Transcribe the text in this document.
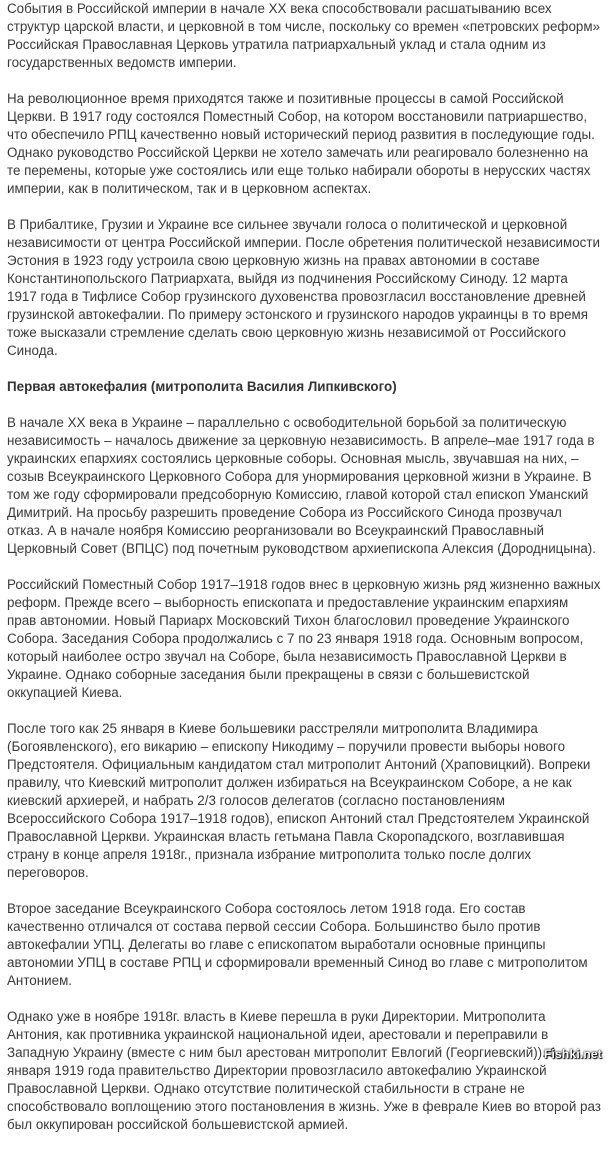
События в Российской империи в начале XX века способствовали расшатыванию всех структур царской власти, и церковной в том числе, поскольку со времен «петровских реформ» Российская Православная Церковь утратила патриархальный уклад и стала одним из государственных ведомств империи.

На революционное время приходятся также и позитивные процессы в самой Российской Церкви. В 1917 году состоялся Поместный Собор, на котором восстановили патриаршество, что обеспечило РПЦ качественно новый исторический период развития в последующие годы. Однако руководство Российской Церкви не хотело замечать или реагировало болезненно на те перемены, которые уже состоялись или еще только набирали обороты в нерусских частях империи, как в политическом, так и в церковном аспектах.

В Прибалтике, Грузии и Украине все сильнее звучали голоса о политической и церковной независимости от центра Российской империи. После обретения политической независимости Эстония в 1923 году устроила свою церковную жизнь на правах автономии в составе Константинопольского Патриархата, выйдя из подчинения Российскому Синоду. 12 марта 1917 года в Тифлисе Собор грузинского духовенства провозгласил восстановление древней грузинской автокефалии. По примеру эстонского и грузинского народов украинцы в то время тоже высказали стремление сделать свою церковную жизнь независимой от Российского Синода.

Первая автокефалия (митрополита Василия Липкивского)

В начале XX века в Украине – параллельно с освободительной борьбой за политическую независимость – началось движение за церковную независимость. В апреле–мае 1917 года в украинских епархиях состоялись церковные соборы. Основная мысль, звучавшая на них, – созыв Всеукраинского Церковного Собора для унормирования церковной жизни в Украине. В том же году сформировали предсоборную Комиссию, главой которой стал епископ Уманский Димитрий. На просьбу разрешить проведение Собора из Российского Синода прозвучал отказ. А в начале ноября Комиссию реорганизовали во Всеукраинский Православный Церковный Совет (ВПЦС) под почетным руководством архиепископа Алексия (Дородницына).

Российский Поместный Собор 1917–1918 годов внес в церковную жизнь ряд жизненно важных реформ. Прежде всего – выборность епископата и предоставление украинским епархиям прав автономии. Новый Париарх Московский Тихон благословил проведение Украинского Собора. Заседания Собора продолжались с 7 по 23 января 1918 года. Основным вопросом, который наиболее остро звучал на Соборе, была независимость Православной Церкви в Украине. Однако соборные заседания были прекращены в связи с большевистской оккупацией Киева.

После того как 25 января в Киеве большевики расстреляли митрополита Владимира (Богоявленского), его викарию – епископу Никодиму – поручили провести выборы нового Предстоятеля. Официальным кандидатом стал митрополит Антоний (Храповицкий). Вопреки правилу, что Киевский митрополит должен избираться на Всеукраинском Соборе, а не как киевский архиерей, и набрать 2/3 голосов делегатов (согласно постановлениям Всероссийского Собора 1917–1918 годов), епископ Антоний стал Предстоятелем Украинской Православной Церкви. Украинская власть гетьмана Павла Скоропадского, возглавившая страну в конце апреля 1918г., признала избрание митрополита только после долгих переговоров.

Второе заседание Всеукраинского Собора состоялось летом 1918 года. Его состав качественно отличался от состава первой сессии Собора. Большинство было против автокефалии УПЦ. Делегаты во главе с епископатом выработали основные принципы автономии УПЦ в составе РПЦ и сформировали временный Синод во главе с митрополитом Антонием.

Однако уже в ноябре 1918г. власть в Киеве перешла в руки Директории. Митрополита Антония, как противника украинской национальной идеи, арестовали и переправили в Западную Украину (вместе с ним был арестован митрополит Евлогий (Георгиевский)). 1 января 1919 года правительство Директории провозгласило автокефалию Украинской Православной Церкви. Однако отсутствие политической стабильности в стране не способствовало воплощению этого постановления в жизнь. Уже в феврале Киев во второй раз был оккупирован российской большевистской армией.

Fishki.net
